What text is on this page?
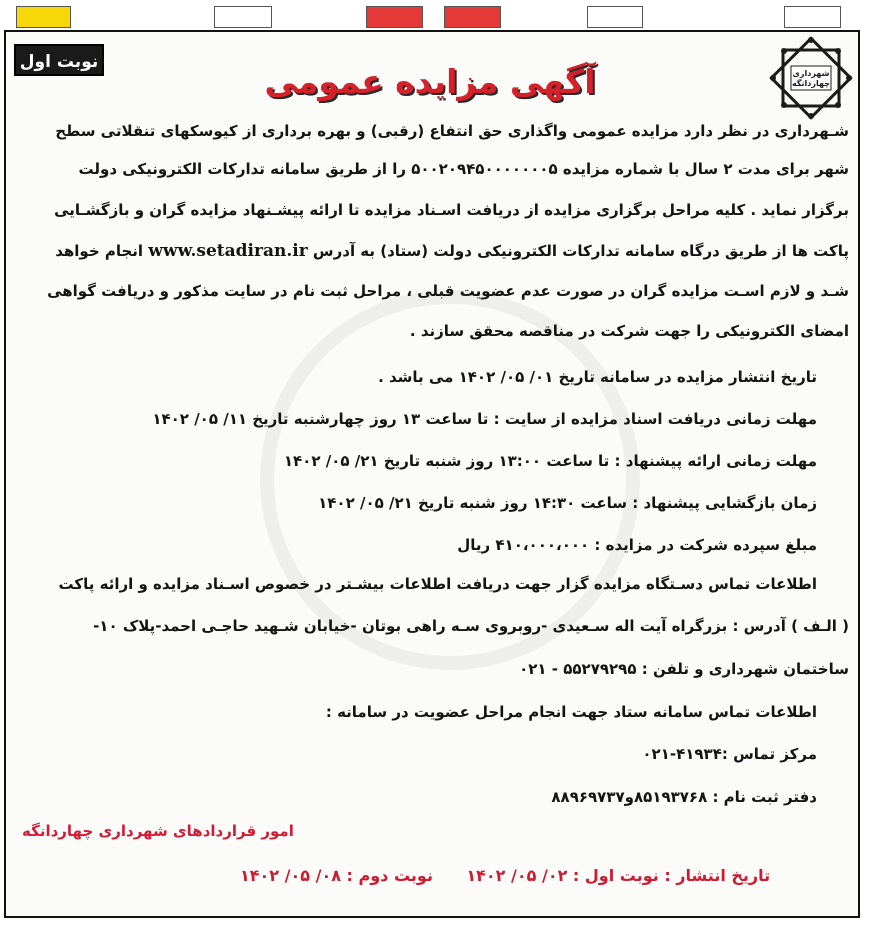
نوبت اول
شهرداری
چهاردانگه
آگهی مزایده عمومی
شـهرداری در نظر دارد مزایده عمومی واگذاری حق انتفاع (رقبی) و بهره برداری از کیوسکهای تنقلاتی سطح
شهر برای مدت ۲ سال با شماره مزایده ۵۰۰۲۰۹۴۵۰۰۰۰۰۰۰۵ را از طریق سامانه تدارکات الکترونیکی دولت
برگزار نماید . کلیه مراحل برگزاری مزایده از دریافت اسـناد مزایده تا ارائه پیشـنهاد مزایده گران و بازگشـایی
پاکت ها از طریق درگاه سامانه تدارکات الکترونیکی دولت (ستاد) به آدرس www.setadiran.ir انجام خواهد
شـد و لازم اسـت مزایده گران در صورت عدم عضویت قبلی ، مراحل ثبت نام در سایت مذکور و دریافت گواهی
امضای الکترونیکی را جهت شرکت در مناقصه محقق سازند .
تاریخ انتشار مزایده در سامانه تاریخ ۰۱/ ۰۵/ ۱۴۰۲ می باشد .
مهلت زمانی دریافت اسناد مزایده از سایت : تا ساعت ۱۳ روز چهارشنبه تاریخ ۱۱/ ۰۵/ ۱۴۰۲
مهلت زمانی ارائه پیشنهاد : تا ساعت ۱۳:۰۰ روز شنبه تاریخ ۲۱/ ۰۵/ ۱۴۰۲
زمان بازگشایی پیشنهاد : ساعت ۱۴:۳۰ روز شنبه تاریخ ۲۱/ ۰۵/ ۱۴۰۲
مبلغ سپرده شرکت در مزایده : ۴۱۰،۰۰۰،۰۰۰ ریال
اطلاعات تماس دسـتگاه مزایده گزار جهت دریافت اطلاعات بیشـتر در خصوص اسـناد مزایده و ارائه پاکت
( الـف ) آدرس : بزرگراه آیت اله سـعیدی -روبروی سـه راهی بوتان -خیابان شـهید حاجـی احمد-پلاک ۱۰-
ساختمان شهرداری و تلفن : ۵۵۲۷۹۲۹۵ - ۰۲۱
اطلاعات تماس سامانه ستاد جهت انجام مراحل عضویت در سامانه :
مرکز تماس :۴۱۹۳۴-۰۲۱
دفتر ثبت نام : ۸۵۱۹۳۷۶۸و۸۸۹۶۹۷۳۷
امور قراردادهای شهرداری چهاردانگه
تاریخ انتشار : نوبت اول : ۰۲/ ۰۵/ ۱۴۰۲      نوبت دوم : ۰۸/ ۰۵/ ۱۴۰۲
